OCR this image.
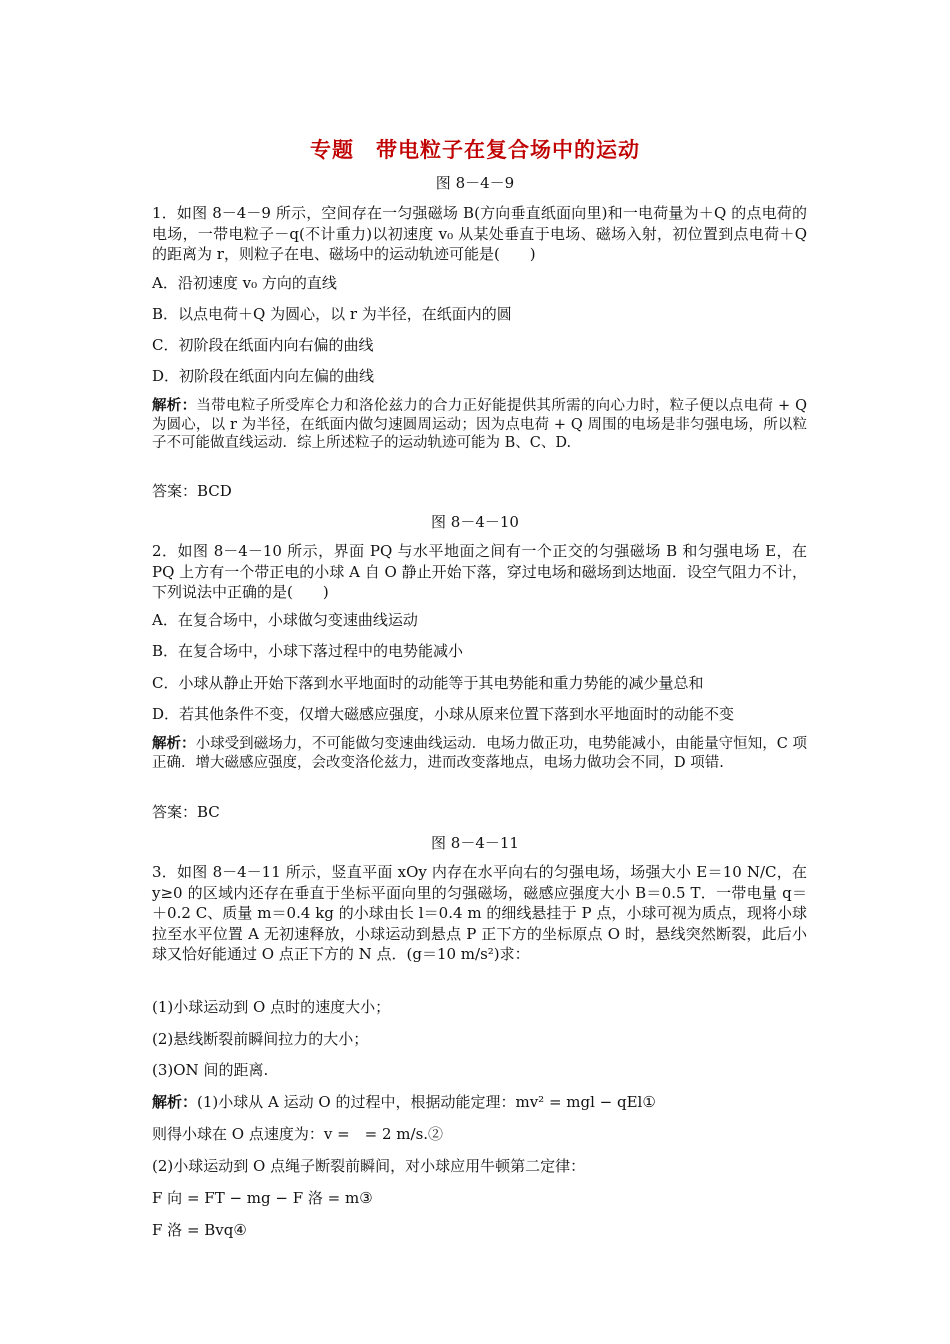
专题　带电粒子在复合场中的运动
图 8－4－9
1．如图 8－4－9 所示，空间存在一匀强磁场 B(方向垂直纸面向里)和一电荷量为＋Q 的点电荷的电场，一带电粒子－q(不计重力)以初速度 v₀ 从某处垂直于电场、磁场入射，初位置到点电荷＋Q 的距离为 r，则粒子在电、磁场中的运动轨迹可能是(　　)
A．沿初速度 v₀ 方向的直线
B．以点电荷＋Q 为圆心，以 r 为半径，在纸面内的圆
C．初阶段在纸面内向右偏的曲线
D．初阶段在纸面内向左偏的曲线
解析：当带电粒子所受库仑力和洛伦兹力的合力正好能提供其所需的向心力时，粒子便以点电荷 + Q 为圆心，以 r 为半径，在纸面内做匀速圆周运动；因为点电荷 + Q 周围的电场是非匀强电场，所以粒子不可能做直线运动．综上所述粒子的运动轨迹可能为 B、C、D.
答案：BCD
图 8－4－10
2．如图 8－4－10 所示，界面 PQ 与水平地面之间有一个正交的匀强磁场 B 和匀强电场 E，在 PQ 上方有一个带正电的小球 A 自 O 静止开始下落，穿过电场和磁场到达地面．设空气阻力不计，下列说法中正确的是(　　)
A．在复合场中，小球做匀变速曲线运动
B．在复合场中，小球下落过程中的电势能减小
C．小球从静止开始下落到水平地面时的动能等于其电势能和重力势能的减少量总和
D．若其他条件不变，仅增大磁感应强度，小球从原来位置下落到水平地面时的动能不变
解析：小球受到磁场力，不可能做匀变速曲线运动．电场力做正功，电势能减小，由能量守恒知，C 项正确．增大磁感应强度，会改变洛伦兹力，进而改变落地点，电场力做功会不同，D 项错.
答案：BC
图 8－4－11
3．如图 8－4－11 所示，竖直平面 xOy 内存在水平向右的匀强电场，场强大小 E＝10 N/C，在 y≥0 的区域内还存在垂直于坐标平面向里的匀强磁场，磁感应强度大小 B＝0.5 T．一带电量 q＝＋0.2 C、质量 m＝0.4 kg 的小球由长 l＝0.4 m 的细线悬挂于 P 点，小球可视为质点，现将小球拉至水平位置 A 无初速释放，小球运动到悬点 P 正下方的坐标原点 O 时，悬线突然断裂，此后小球又恰好能通过 O 点正下方的 N 点．(g＝10 m/s²)求：
(1)小球运动到 O 点时的速度大小；
(2)悬线断裂前瞬间拉力的大小；
(3)ON 间的距离.
解析：(1)小球从 A 运动 O 的过程中，根据动能定理：mv² = mgl − qEl①
则得小球在 O 点速度为：v =　= 2 m/s.②
(2)小球运动到 O 点绳子断裂前瞬间，对小球应用牛顿第二定律：
F 向 = FT − mg − F 洛 = m③
F 洛 = Bvq④
